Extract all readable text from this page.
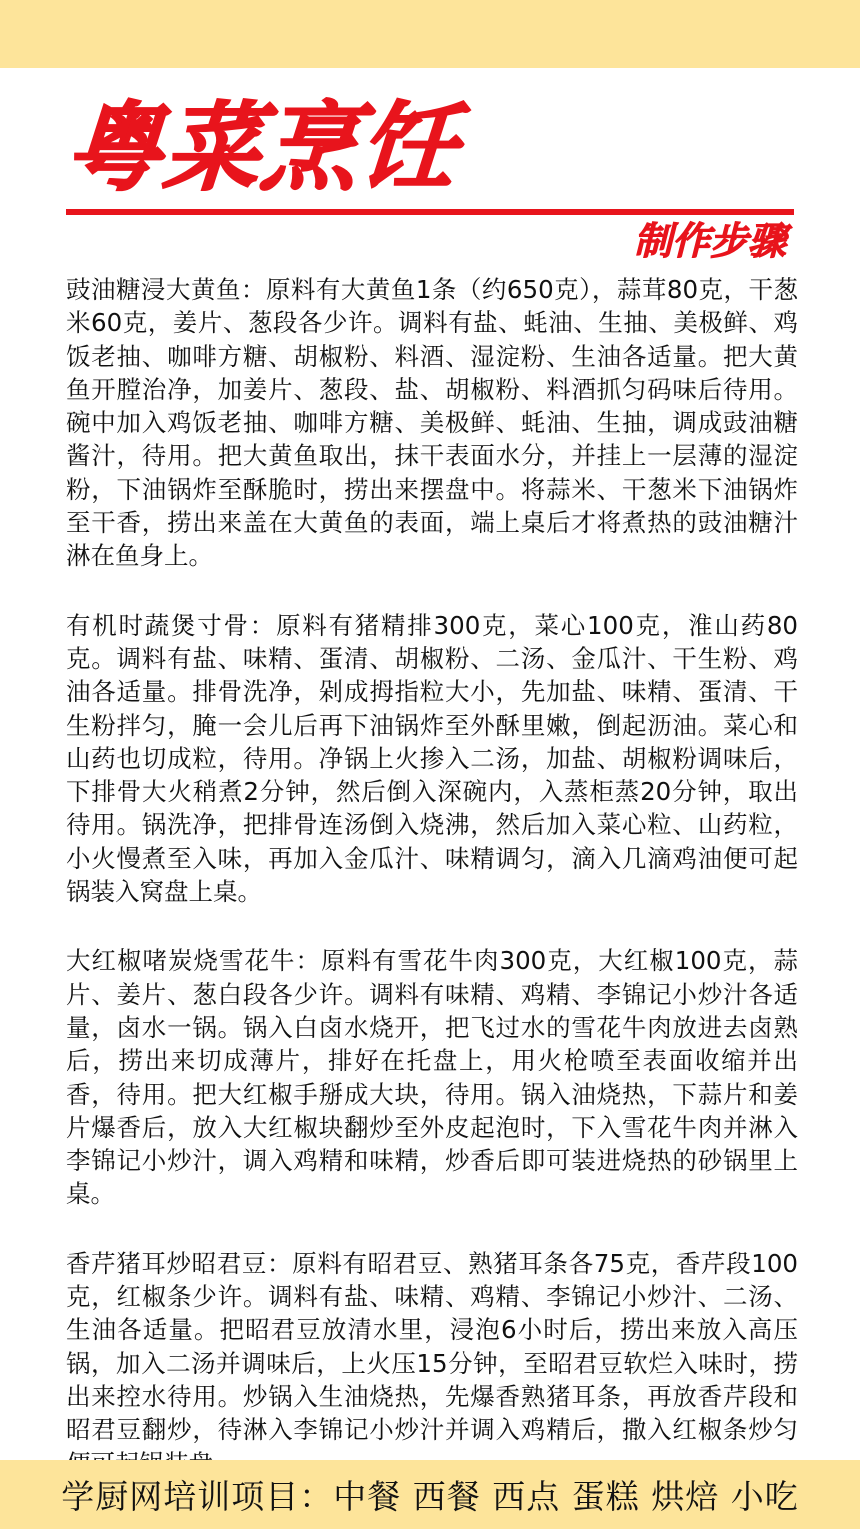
粤菜烹饪
制作步骤

豉油糖浸大黄鱼：原料有大黄鱼1条（约650克），蒜茸80克，干葱米60克，姜片、葱段各少许。调料有盐、蚝油、生抽、美极鲜、鸡饭老抽、咖啡方糖、胡椒粉、料酒、湿淀粉、生油各适量。把大黄鱼开膛治净，加姜片、葱段、盐、胡椒粉、料酒抓匀码味后待用。碗中加入鸡饭老抽、咖啡方糖、美极鲜、蚝油、生抽，调成豉油糖酱汁，待用。把大黄鱼取出，抹干表面水分，并挂上一层薄的湿淀粉，下油锅炸至酥脆时，捞出来摆盘中。将蒜米、干葱米下油锅炸至干香，捞出来盖在大黄鱼的表面，端上桌后才将煮热的豉油糖汁淋在鱼身上。

有机时蔬煲寸骨：原料有猪精排300克，菜心100克，淮山药80克。调料有盐、味精、蛋清、胡椒粉、二汤、金瓜汁、干生粉、鸡油各适量。排骨洗净，剁成拇指粒大小，先加盐、味精、蛋清、干生粉拌匀，腌一会儿后再下油锅炸至外酥里嫩，倒起沥油。菜心和山药也切成粒，待用。净锅上火掺入二汤，加盐、胡椒粉调味后，下排骨大火稍煮2分钟，然后倒入深碗内，入蒸柜蒸20分钟，取出待用。锅洗净，把排骨连汤倒入烧沸，然后加入菜心粒、山药粒，小火慢煮至入味，再加入金瓜汁、味精调匀，滴入几滴鸡油便可起锅装入窝盘上桌。

大红椒啫炭烧雪花牛：原料有雪花牛肉300克，大红椒100克，蒜片、姜片、葱白段各少许。调料有味精、鸡精、李锦记小炒汁各适量，卤水一锅。锅入白卤水烧开，把飞过水的雪花牛肉放进去卤熟后，捞出来切成薄片，排好在托盘上，用火枪喷至表面收缩并出香，待用。把大红椒手掰成大块，待用。锅入油烧热，下蒜片和姜片爆香后，放入大红椒块翻炒至外皮起泡时，下入雪花牛肉并淋入李锦记小炒汁，调入鸡精和味精，炒香后即可装进烧热的砂锅里上桌。

香芹猪耳炒昭君豆：原料有昭君豆、熟猪耳条各75克，香芹段100克，红椒条少许。调料有盐、味精、鸡精、李锦记小炒汁、二汤、生油各适量。把昭君豆放清水里，浸泡6小时后，捞出来放入高压锅，加入二汤并调味后，上火压15分钟，至昭君豆软烂入味时，捞出来控水待用。炒锅入生油烧热，先爆香熟猪耳条，再放香芹段和昭君豆翻炒，待淋入李锦记小炒汁并调入鸡精后，撒入红椒条炒匀

学厨网培训项目：中餐 西餐 西点 蛋糕 烘焙 小吃
